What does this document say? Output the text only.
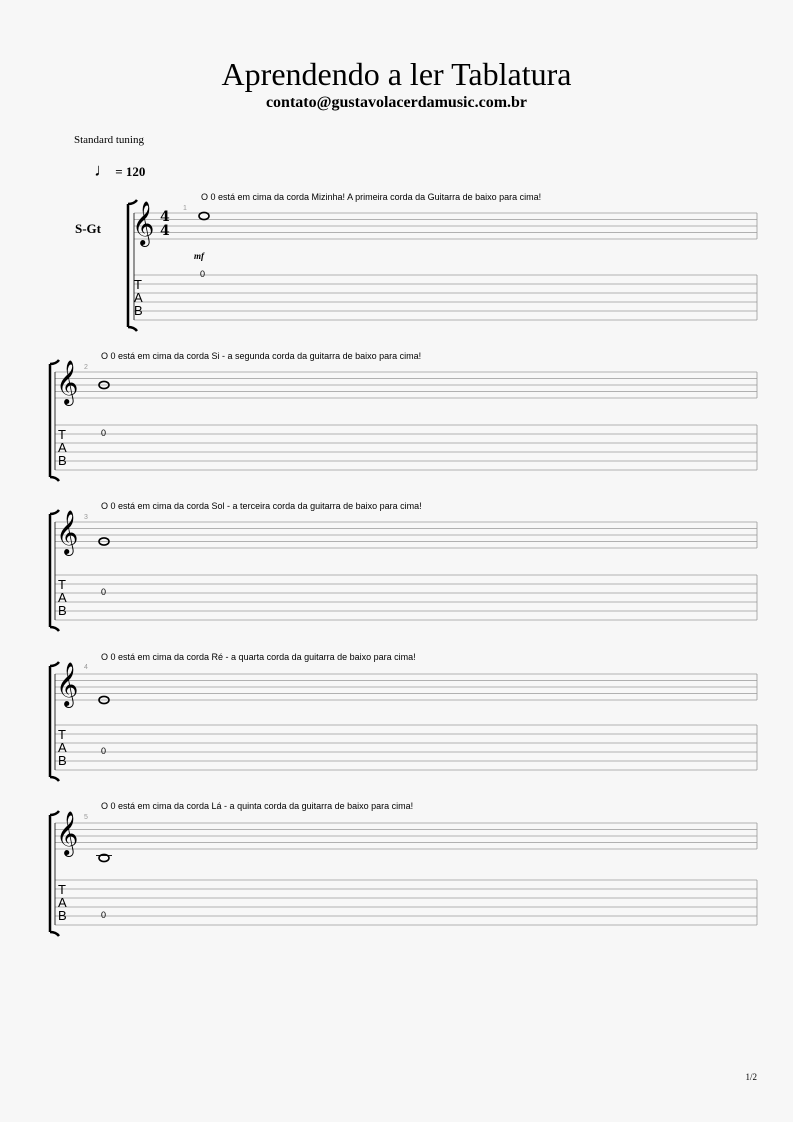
Aprendendo a ler Tablatura
contato@gustavolacerdamusic.com.br
Standard tuning
♩ = 120
S-Gt 𝄞
𝄞
𝄞
𝄞
𝄞
4
4
mf
T
A
B
T
A
B
T
A
B
T
A
B
T
A
B
O 0 está em cima da corda Mizinha! A primeira corda da Guitarra de baixo para cima!
1
0
O 0 está em cima da corda Si - a segunda corda da guitarra de baixo para cima!
2
0
O 0 está em cima da corda Sol - a terceira corda da guitarra de baixo para cima!
3
0
O 0 está em cima da corda Ré - a quarta corda da guitarra de baixo para cima!
4
0
O 0 está em cima da corda Lá - a quinta corda da guitarra de baixo para cima!
5
0
1/2
